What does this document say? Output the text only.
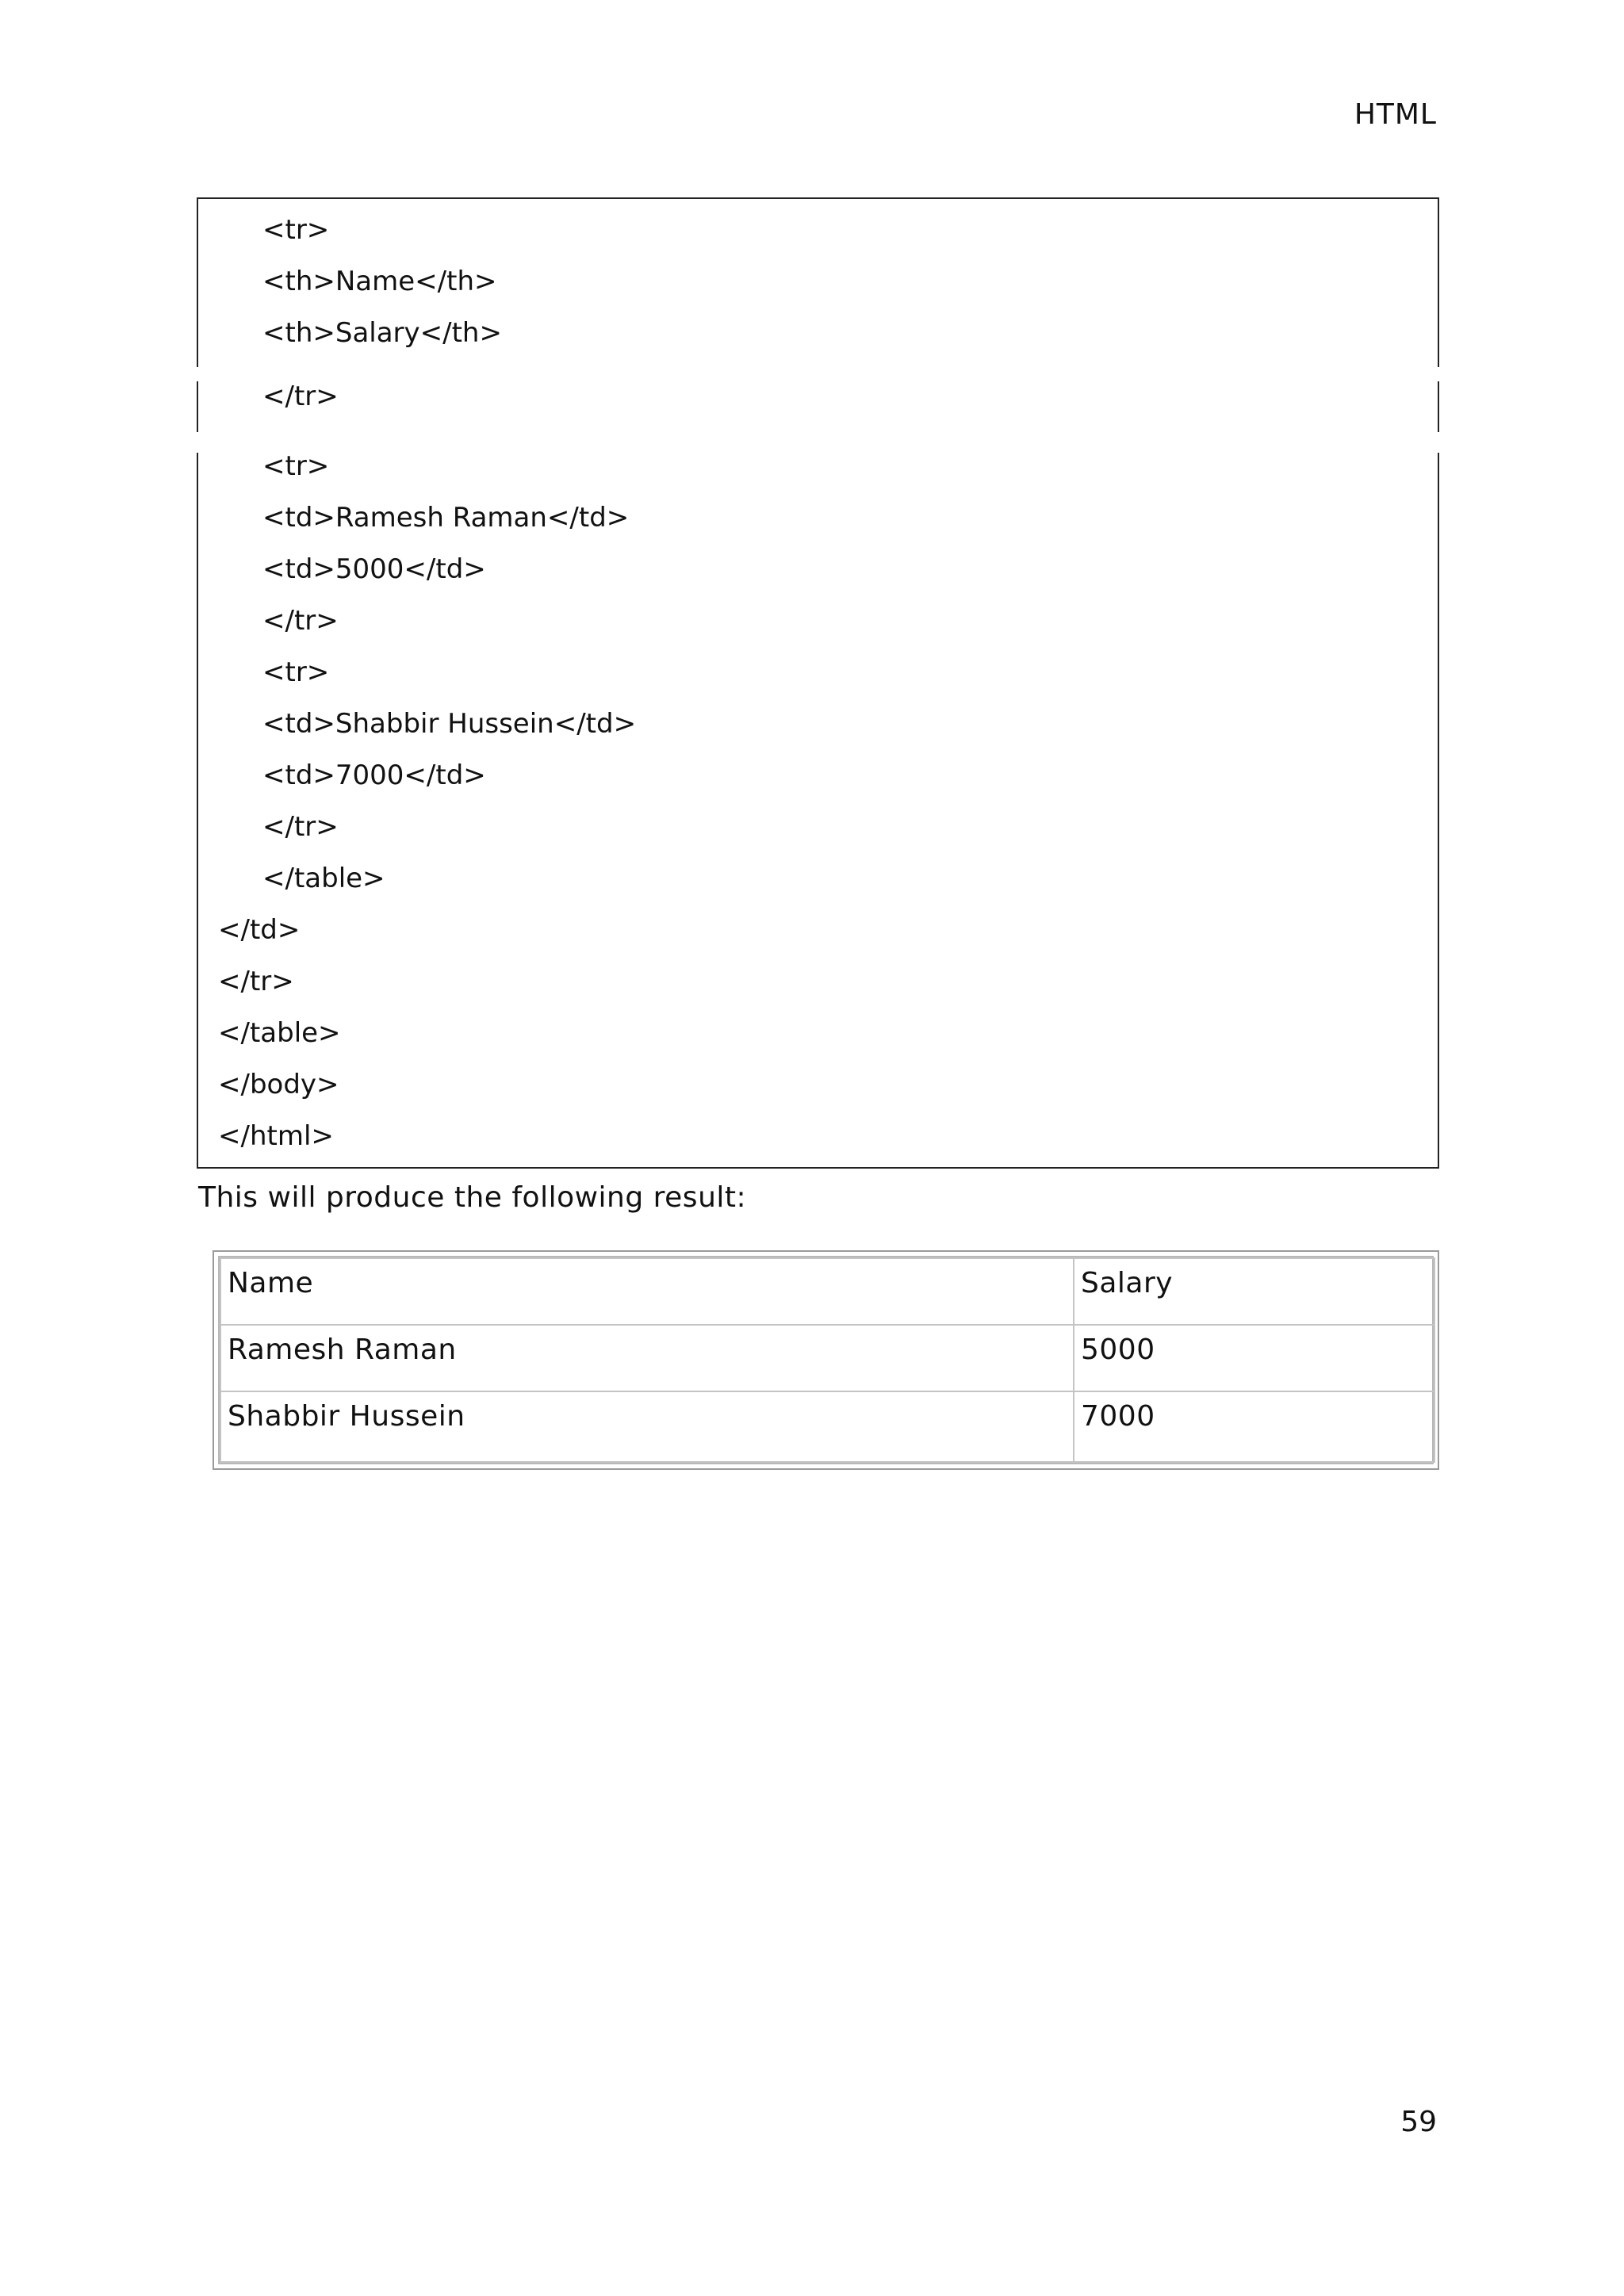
HTML
<tr>
<th>Name</th>
<th>Salary</th>
</tr>
<tr>
<td>Ramesh Raman</td>
<td>5000</td>
</tr>
<tr>
<td>Shabbir Hussein</td>
<td>7000</td>
</tr>
</table>
</td>
</tr>
</table>
</body>
</html>
This will produce the following result:
Name	Salary
Ramesh Raman	5000
Shabbir Hussein	7000
59
